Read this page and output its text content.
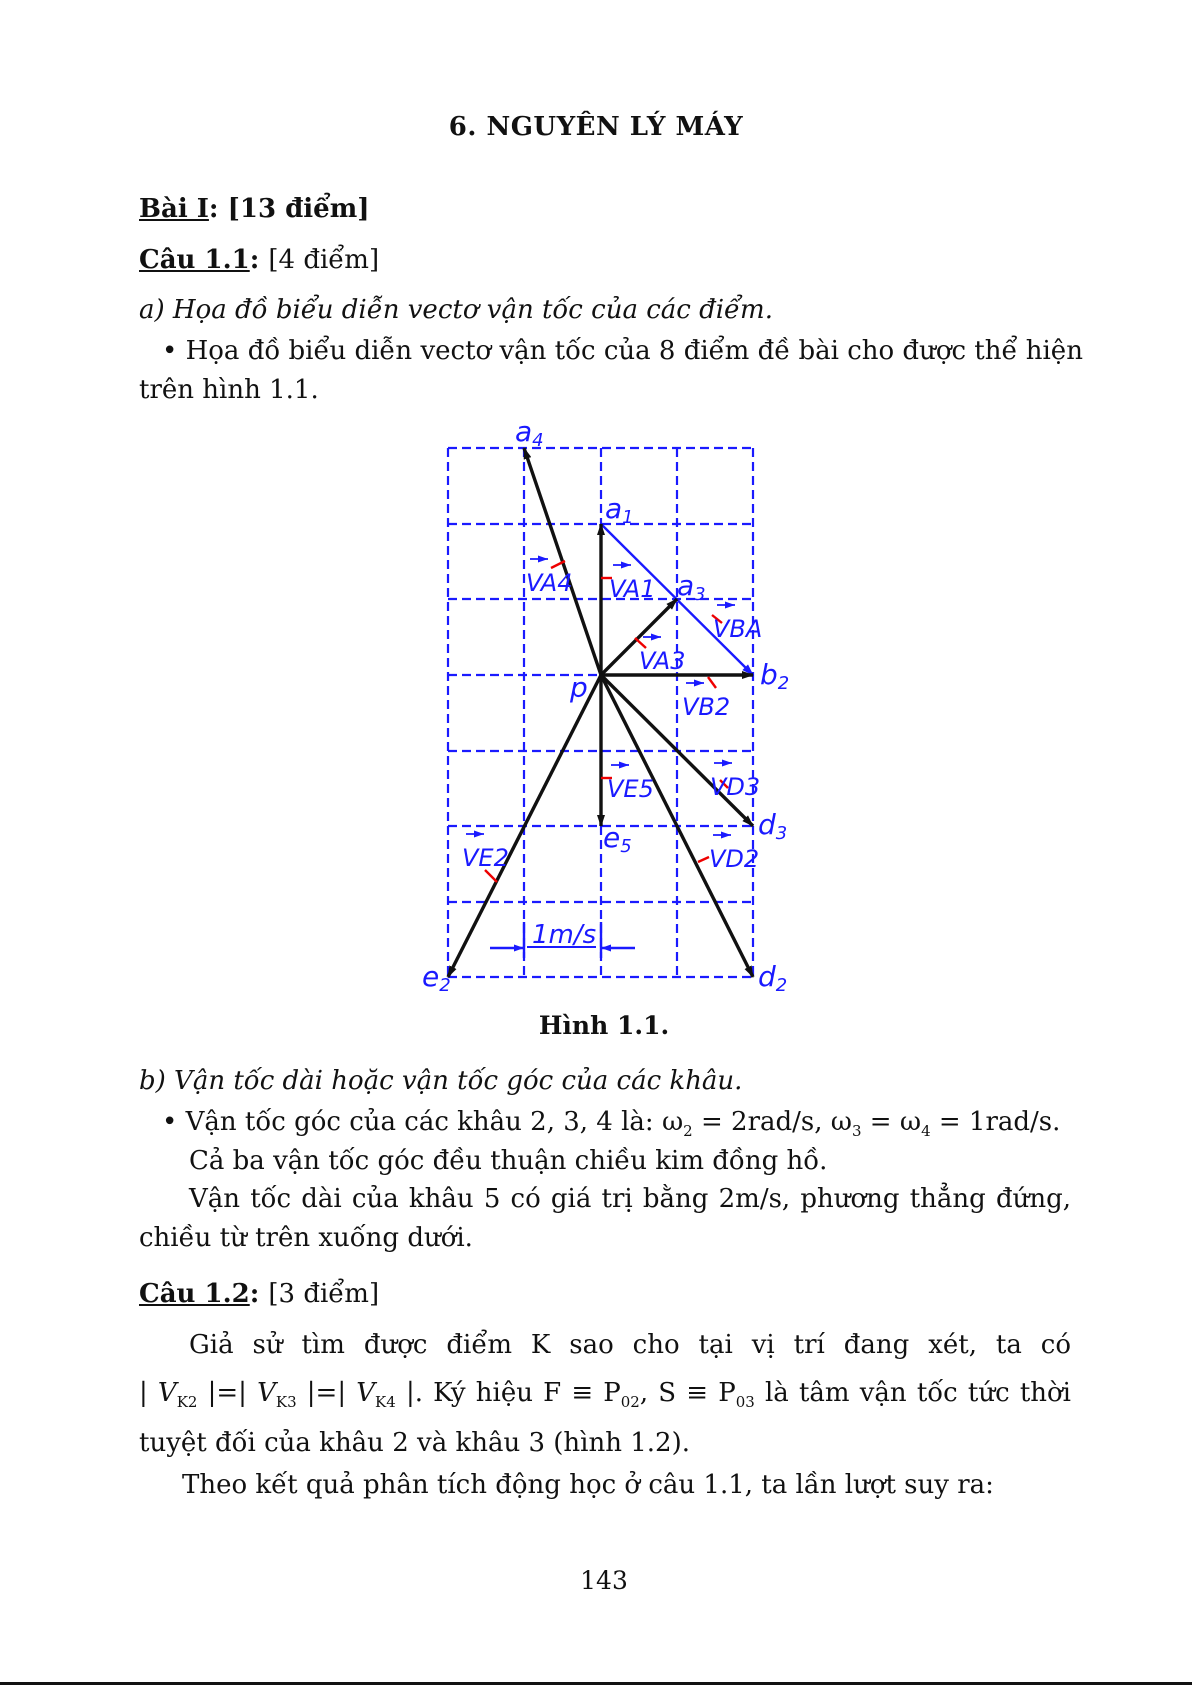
6. NGUYÊN LÝ MÁY
Bài I: [13 điểm]
Câu 1.1: [4 điểm]
a) Họa đồ biểu diễn vectơ vận tốc của các điểm.
• Họa đồ biểu diễn vectơ vận tốc của 8 điểm đề bài cho được thể hiện
trên hình 1.1.
1m/s
a4
a1
a3
b2
p
d3
d2
e2
e5
VA4 VA1
VBA
VA3
VB2
VD3
VE5
VE2	VD2
Hình 1.1.
b) Vận tốc dài hoặc vận tốc góc của các khâu.
• Vận tốc góc của các khâu 2, 3, 4 là: $\omega_2 = 2rad/s$, $\omega_3 = \omega_4 = 1rad/s$.
Cả ba vận tốc góc đều thuận chiều kim đồng hồ.
Vận tốc dài của khâu 5 có giá trị bằng 2m/s, phương thẳng đứng,
chiều từ trên xuống dưới.
Câu 1.2: [3 điểm]
Giả sử tìm được điểm K sao cho tại vị trí đang xét, ta có
| $V_{K2}$ |=| $V_{K3}$ |=| $V_{K4}$ |. Ký hiệu $F \equiv P_{02}$, $S \equiv P_{03}$ là tâm vận tốc tức thời
tuyệt đối của khâu 2 và khâu 3 (hình 1.2).
Theo kết quả phân tích động học ở câu 1.1, ta lần lượt suy ra:
143
